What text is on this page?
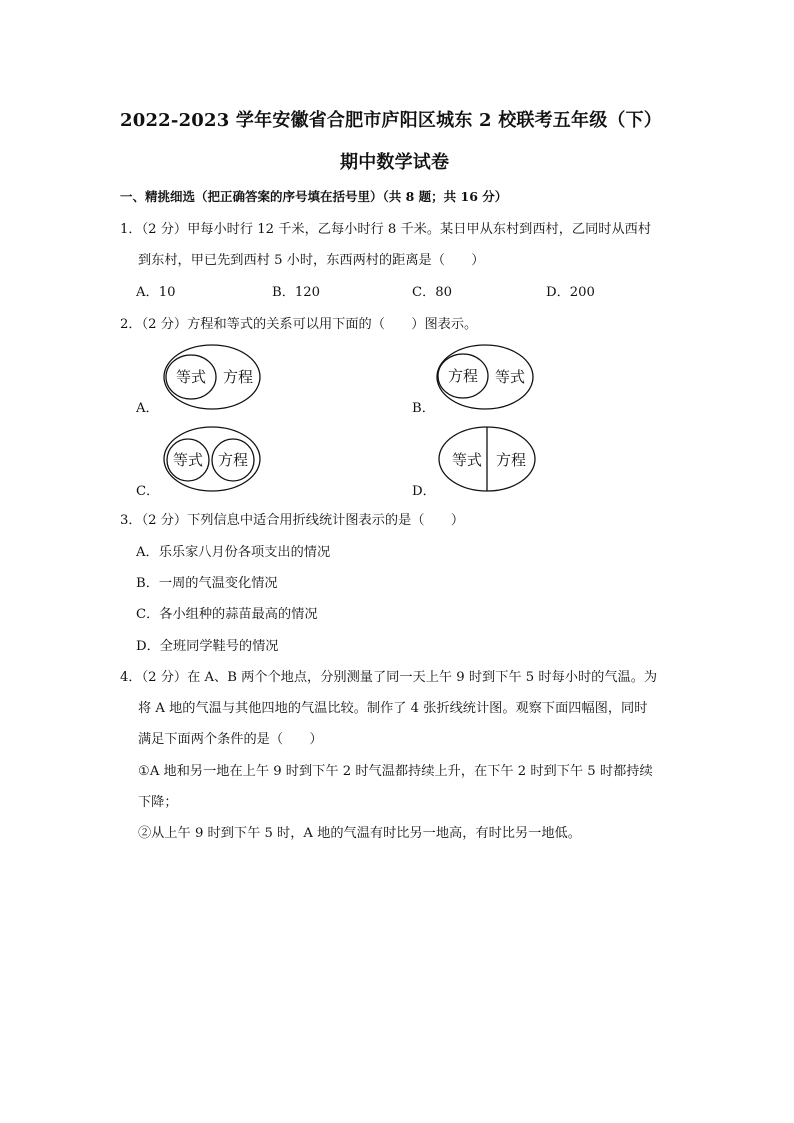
2022-2023 学年安徽省合肥市庐阳区城东 2 校联考五年级（下）
期中数学试卷
一、精挑细选（把正确答案的序号填在括号里）（共 8 题；共 16 分）
1．（2 分）甲每小时行 12 千米，乙每小时行 8 千米。某日甲从东村到西村，乙同时从西村
到东村，甲已先到西村 5 小时，东西两村的距离是（　　）
A．10	B．120	C．80	D．200
2．（2 分）方程和等式的关系可以用下面的（　　）图表示。
A．	B．
C．	D．
等式 方程	方程 等式
等式 方程	等式 方程
3．（2 分）下列信息中适合用折线统计图表示的是（　　）
A．乐乐家八月份各项支出的情况
B．一周的气温变化情况
C．各小组种的蒜苗最高的情况
D．全班同学鞋号的情况
4．（2 分）在 A、B 两个个地点，分别测量了同一天上午 9 时到下午 5 时每小时的气温。为
将 A 地的气温与其他四地的气温比较。制作了 4 张折线统计图。观察下面四幅图，同时
满足下面两个条件的是（　　）
①A 地和另一地在上午 9 时到下午 2 时气温都持续上升，在下午 2 时到下午 5 时都持续
下降；
②从上午 9 时到下午 5 时，A 地的气温有时比另一地高，有时比另一地低。
